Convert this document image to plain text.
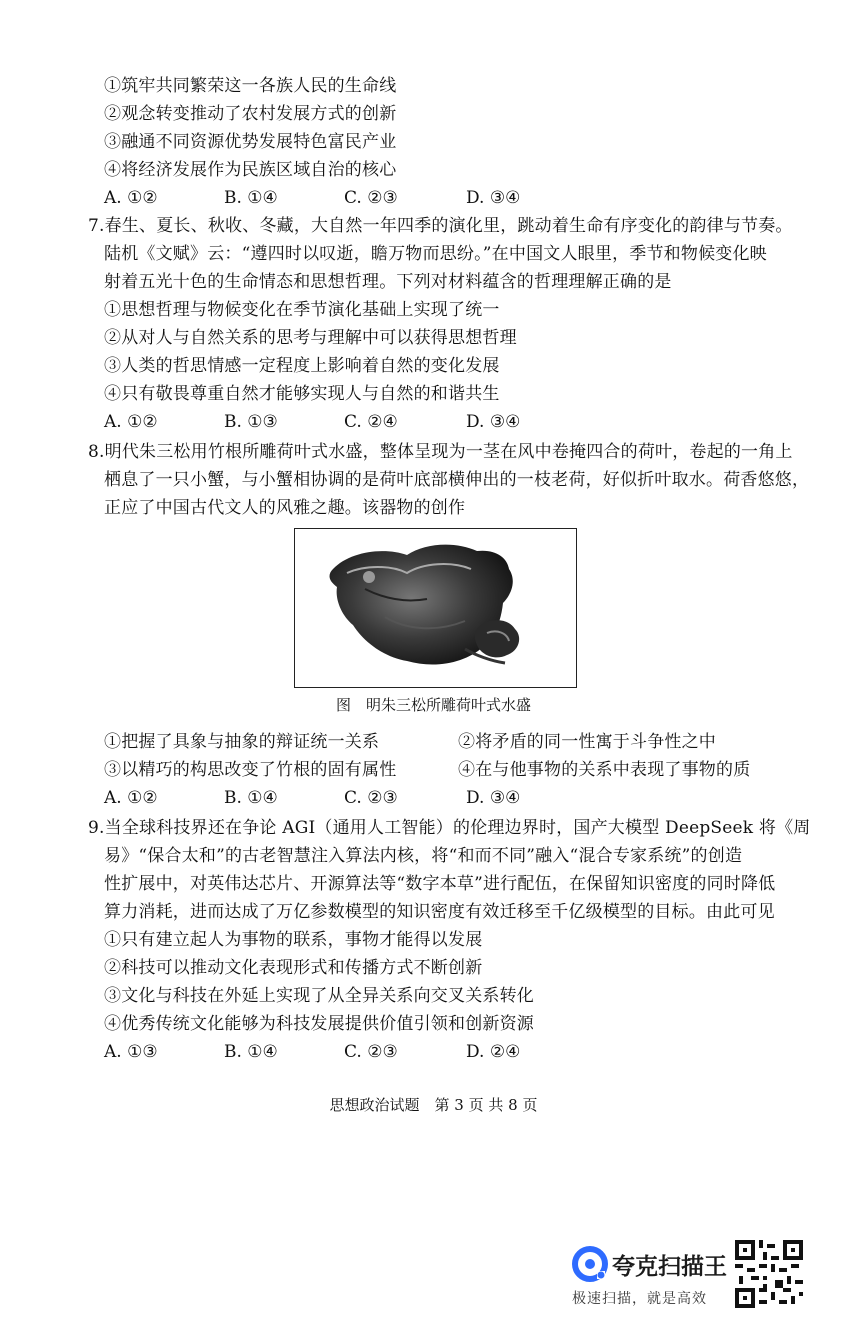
①筑牢共同繁荣这一各族人民的生命线
②观念转变推动了农村发展方式的创新
③融通不同资源优势发展特色富民产业
④将经济发展作为民族区域自治的核心
A. ①②	B. ①④	C. ②③	D. ③④
7.春生、夏长、秋收、冬藏，大自然一年四季的演化里，跳动着生命有序变化的韵律与节奏。
陆机《文赋》云：“遵四时以叹逝，瞻万物而思纷。”在中国文人眼里，季节和物候变化映
射着五光十色的生命情态和思想哲理。下列对材料蕴含的哲理理解正确的是
①思想哲理与物候变化在季节演化基础上实现了统一
②从对人与自然关系的思考与理解中可以获得思想哲理
③人类的哲思情感一定程度上影响着自然的变化发展
④只有敬畏尊重自然才能够实现人与自然的和谐共生
A. ①②	B. ①③	C. ②④	D. ③④
8.明代朱三松用竹根所雕荷叶式水盛，整体呈现为一茎在风中卷掩四合的荷叶，卷起的一角上
栖息了一只小蟹，与小蟹相协调的是荷叶底部横伸出的一枝老荷，好似折叶取水。荷香悠悠，
正应了中国古代文人的风雅之趣。该器物的创作
图　明朱三松所雕荷叶式水盛
①把握了具象与抽象的辩证统一关系	②将矛盾的同一性寓于斗争性之中
③以精巧的构思改变了竹根的固有属性	④在与他事物的关系中表现了事物的质
A. ①②	B. ①④	C. ②③	D. ③④
9.当全球科技界还在争论 AGI（通用人工智能）的伦理边界时，国产大模型 DeepSeek 将《周
易》“保合太和”的古老智慧注入算法内核，将“和而不同”融入“混合专家系统”的创造
性扩展中，对英伟达芯片、开源算法等“数字本草”进行配伍，在保留知识密度的同时降低
算力消耗，进而达成了万亿参数模型的知识密度有效迁移至千亿级模型的目标。由此可见
①只有建立起人为事物的联系，事物才能得以发展
②科技可以推动文化表现形式和传播方式不断创新
③文化与科技在外延上实现了从全异关系向交叉关系转化
④优秀传统文化能够为科技发展提供价值引领和创新资源
A. ①③	B. ①④	C. ②③	D. ②④
思想政治试题　第 3 页 共 8 页
夸克扫描王
极速扫描，就是高效
